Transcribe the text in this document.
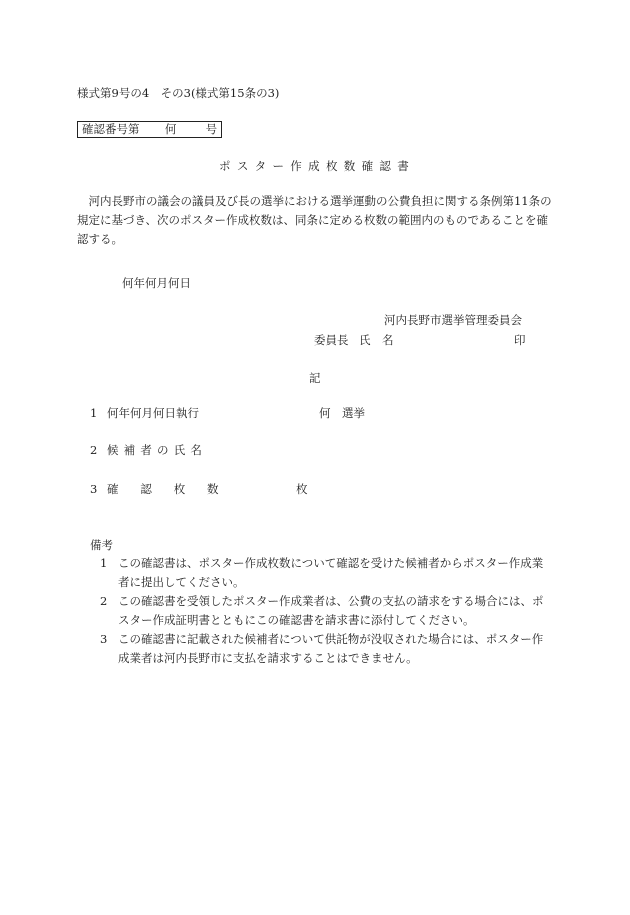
様式第9号の4　その3(様式第15条の3)
確認番号第 何	号
ポスター作成枚数確認書
　河内長野市の議会の議員及び長の選挙における選挙運動の公費負担に関する条例第11条の規定に基づき、次のポスター作成枚数は、同条に定める枚数の範囲内のものであることを確認する。
何年何月何日
河内長野市選挙管理委員会
委員長 氏　名	印
記
1 何年何月何日執行	何　選挙
2 候補者の氏名
3 確認枚数	枚
備考
1 この確認書は、ポスター作成枚数について確認を受けた候補者からポスター作成業者に提出してください。
2 この確認書を受領したポスター作成業者は、公費の支払の請求をする場合には、ポスター作成証明書とともにこの確認書を請求書に添付してください。
3 この確認書に記載された候補者について供託物が没収された場合には、ポスター作成業者は河内長野市に支払を請求することはできません。
